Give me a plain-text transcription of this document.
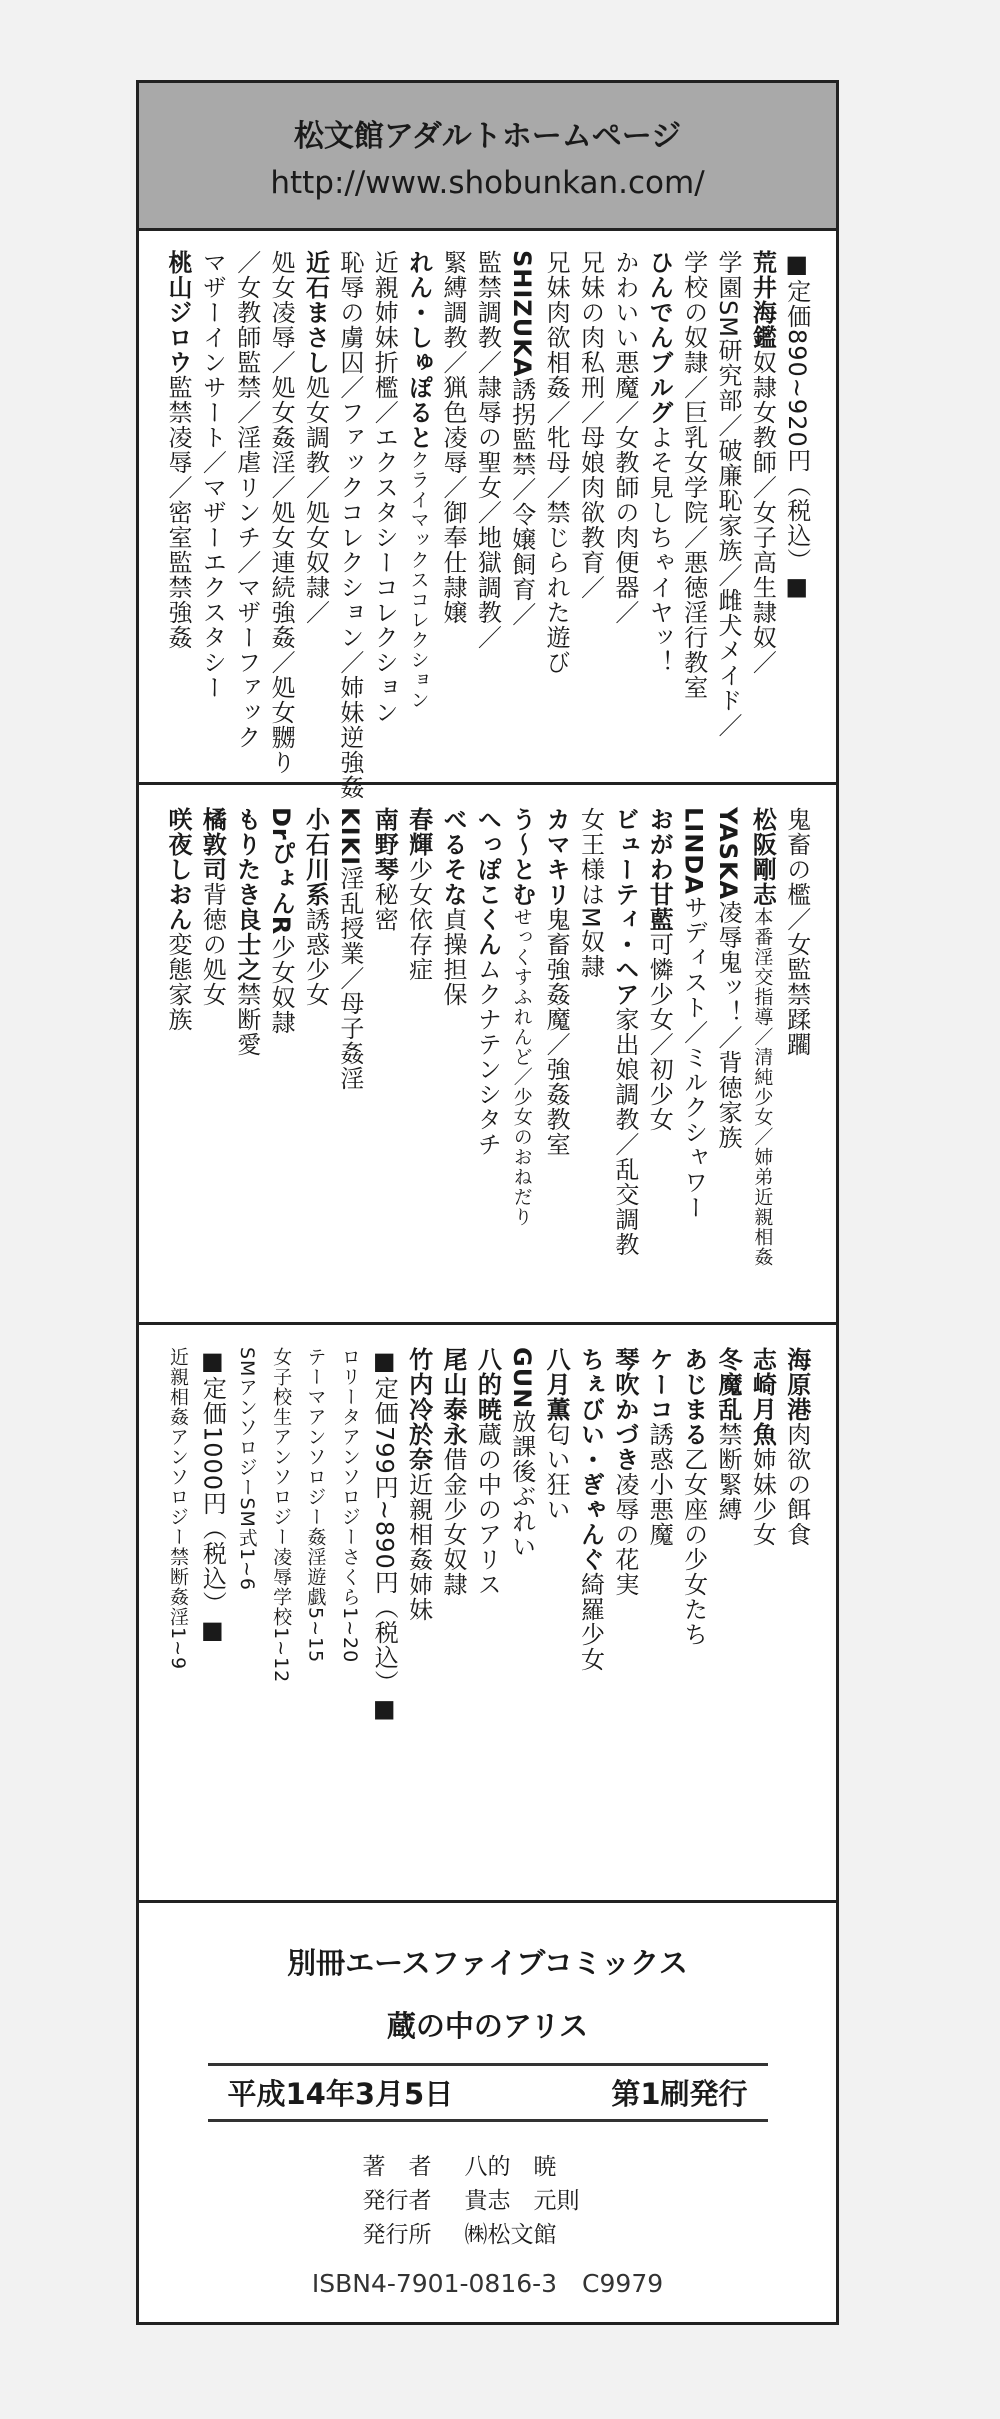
松文館アダルトホームページ
http://www.shobunkan.com/
■定価890~920円（税込）■
荒井海鑑奴隷女教師／女子高生隷奴／
学園SM研究部／破廉恥家族／雌犬メイド／
学校の奴隷／巨乳女学院／悪徳淫行教室
ひんでんブルグよそ見しちゃイヤッ！
かわいい悪魔／女教師の肉便器／
兄妹の肉私刑／母娘肉欲教育／
兄妹肉欲相姦／牝母／禁じられた遊び
SHIZUKA誘拐監禁／令嬢飼育／
監禁調教／隷辱の聖女／地獄調教／
緊縛調教／猟色凌辱／御奉仕隷嬢
れん・しゅぽるとクライマックスコレクション
近親姉妹折檻／エクスタシーコレクション
恥辱の虜囚／ファックコレクション／姉妹逆強姦
近石まさし処女調教／処女奴隷／
処女凌辱／処女姦淫／処女連続強姦／処女嬲り
／女教師監禁／淫虐リンチ／マザーファック
マザーインサート／マザーエクスタシー
桃山ジロウ監禁凌辱／密室監禁強姦
鬼畜の檻／女監禁蹂躙
松阪剛志本番淫交指導／清純少女／姉弟近親相姦
YASKA凌辱鬼ッ！／背徳家族
LINDAサディスト／ミルクシャワー
おがわ甘藍可憐少女／初少女
ビューティ・ヘア家出娘調教／乱交調教
女王様はM奴隷
カマキリ鬼畜強姦魔／強姦教室
う～とむせっくすふれんど／少女のおねだり
へっぽこくんムクナテンシタチ
べるそな貞操担保
春輝少女依存症
南野琴秘密
KIKI淫乱授業／母子姦淫
小石川系誘惑少女
DrぴょんR少女奴隷
もりたき良士之禁断愛
橘敦司背徳の処女
咲夜しおん変態家族
海原港肉欲の餌食
志崎月魚姉妹少女
冬魔乱禁断緊縛
あじまる乙女座の少女たち
ケーコ誘惑小悪魔
琴吹かづき凌辱の花実
ちぇびい・ぎゃんぐ綺羅少女
八月薫匂い狂い
GUN放課後ぶれい
八的暁蔵の中のアリス
尾山泰永借金少女奴隷
竹内冷於奈近親相姦姉妹
■定価799円~890円（税込）■
ロリータアンソロジーさくら1~20
テーマアンソロジー姦淫遊戯5~15
女子校生アンソロジー凌辱学校1~12
SMアンソロジーSM式1~6
■定価1000円（税込）■
近親相姦アンソロジー禁断姦淫1~9
別冊エースファイブコミックス
蔵の中のアリス
平成14年3月5日	第1刷発行
著　者	八的　暁
発行者	貴志　元則
発行所	㈱松文館
ISBN4-7901-0816-3　C9979
